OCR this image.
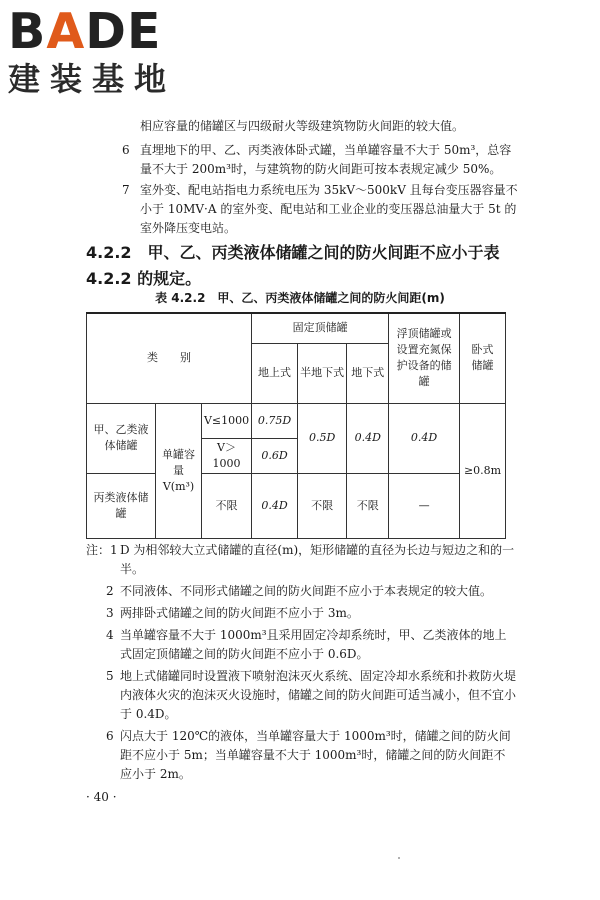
BADE
建装基地
相应容量的储罐区与四级耐火等级建筑物防火间距的较大值。
6 直埋地下的甲、乙、丙类液体卧式罐，当单罐容量不大于 50m³，总容量不大于 200m³时，与建筑物的防火间距可按本表规定减少 50%。
7 室外变、配电站指电力系统电压为 35kV～500kV 且每台变压器容量不小于 10MV·A 的室外变、配电站和工业企业的变压器总油量大于 5t 的室外降压变电站。
4.2.2　甲、乙、丙类液体储罐之间的防火间距不应小于表 4.2.2 的规定。
表 4.2.2　甲、乙、丙类液体储罐之间的防火间距(m)
类　　别			固定顶储罐			浮顶储罐或设置充氮保护设备的储罐	卧式储罐
			地上式	半地下式	地下式		
甲、乙类液体储罐	单罐容量 V(m³)	V≤1000	0.75D	0.5D	0.4D	0.4D	≥0.8m
		V＞1000	0.6D				
丙类液体储罐		不限	0.4D	不限	不限	—	
注：1 D 为相邻较大立式储罐的直径(m)，矩形储罐的直径为长边与短边之和的一半。
2 不同液体、不同形式储罐之间的防火间距不应小于本表规定的较大值。
3 两排卧式储罐之间的防火间距不应小于 3m。
4 当单罐容量不大于 1000m³且采用固定冷却系统时，甲、乙类液体的地上式固定顶储罐之间的防火间距不应小于 0.6D。
5 地上式储罐同时设置液下喷射泡沫灭火系统、固定冷却水系统和扑救防火堤内液体火灾的泡沫灭火设施时，储罐之间的防火间距可适当减小，但不宜小于 0.4D。
6 闪点大于 120℃的液体，当单罐容量大于 1000m³时，储罐之间的防火间距不应小于 5m；当单罐容量不大于 1000m³时，储罐之间的防火间距不应小于 2m。
· 40 ·
